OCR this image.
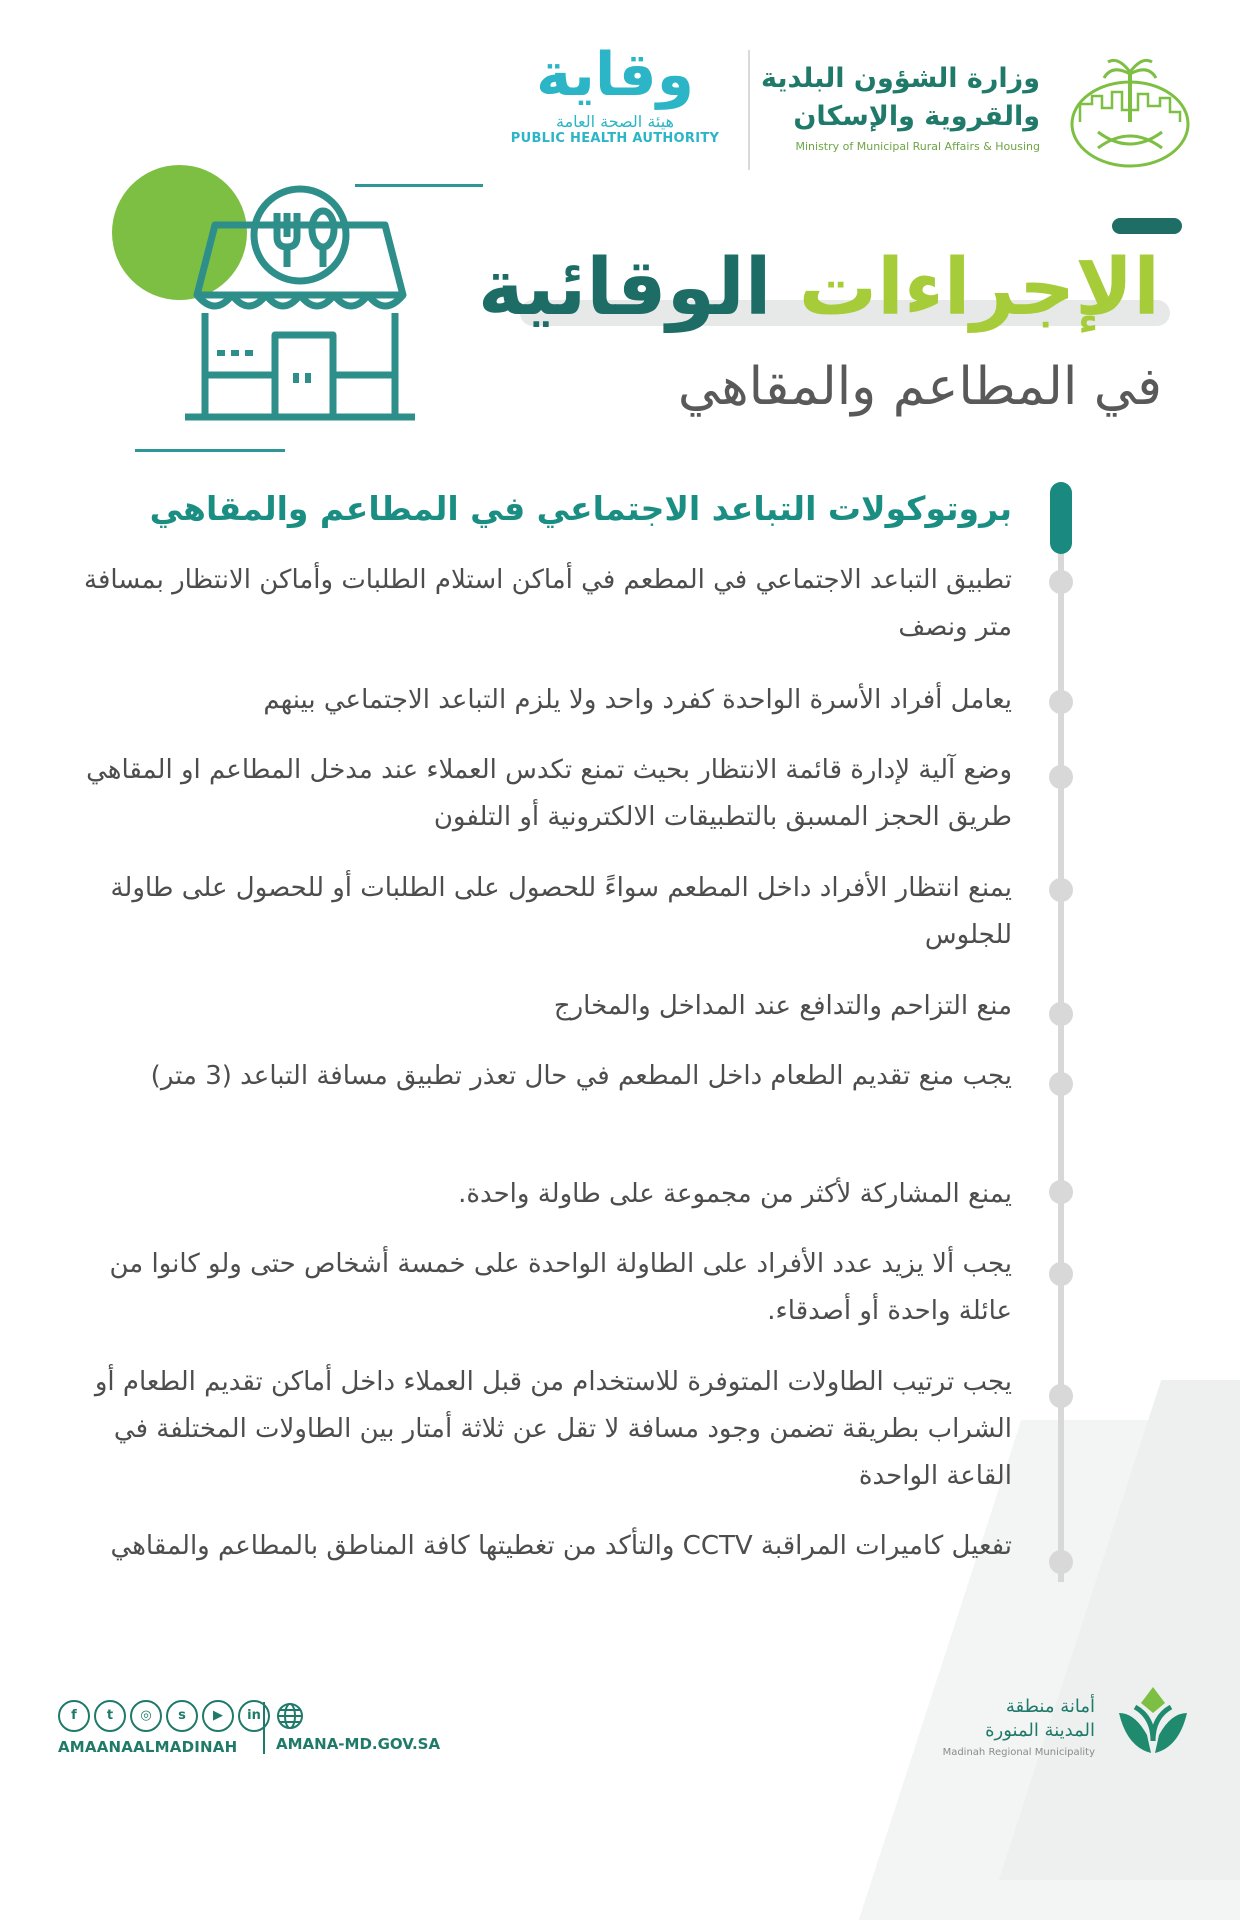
وزارة الشؤون البلدية
والقروية والإسكان
Ministry of Municipal Rural Affairs & Housing
وقاية
هيئة الصحة العامة
PUBLIC HEALTH AUTHORITY
الإجراءات الوقائية
في المطاعم والمقاهي
بروتوكولات التباعد الاجتماعي في المطاعم والمقاهي
تطبيق التباعد الاجتماعي في المطعم في أماكن استلام الطلبات وأماكن الانتظار بمسافة متر ونصف
يعامل أفراد الأسرة الواحدة كفرد واحد ولا يلزم التباعد الاجتماعي بينهم
وضع آلية لإدارة قائمة الانتظار بحيث تمنع تكدس العملاء عند مدخل المطاعم او المقاهي طريق الحجز المسبق بالتطبيقات الالكترونية أو التلفون
يمنع انتظار الأفراد داخل المطعم سواءً للحصول على الطلبات أو للحصول على طاولة للجلوس
منع التزاحم والتدافع عند المداخل والمخارج
يجب منع تقديم الطعام داخل المطعم في حال تعذر تطبيق مسافة التباعد (3 متر)
يمنع المشاركة لأكثر من مجموعة على طاولة واحدة.
يجب ألا يزيد عدد الأفراد على الطاولة الواحدة على خمسة أشخاص حتى ولو كانوا من عائلة واحدة أو أصدقاء.
يجب ترتيب الطاولات المتوفرة للاستخدام من قبل العملاء داخل أماكن تقديم الطعام أو الشراب بطريقة تضمن وجود مسافة لا تقل عن ثلاثة أمتار بين الطاولات المختلفة في القاعة الواحدة
تفعيل كاميرات المراقبة CCTV والتأكد من تغطيتها كافة المناطق بالمطاعم والمقاهي
f	t	◎	s	▶	in
AMAANAALMADINAH	AMANA-MD.GOV.SA
أمانة منطقة
المدينة المنورة
Madinah Regional Municipality
